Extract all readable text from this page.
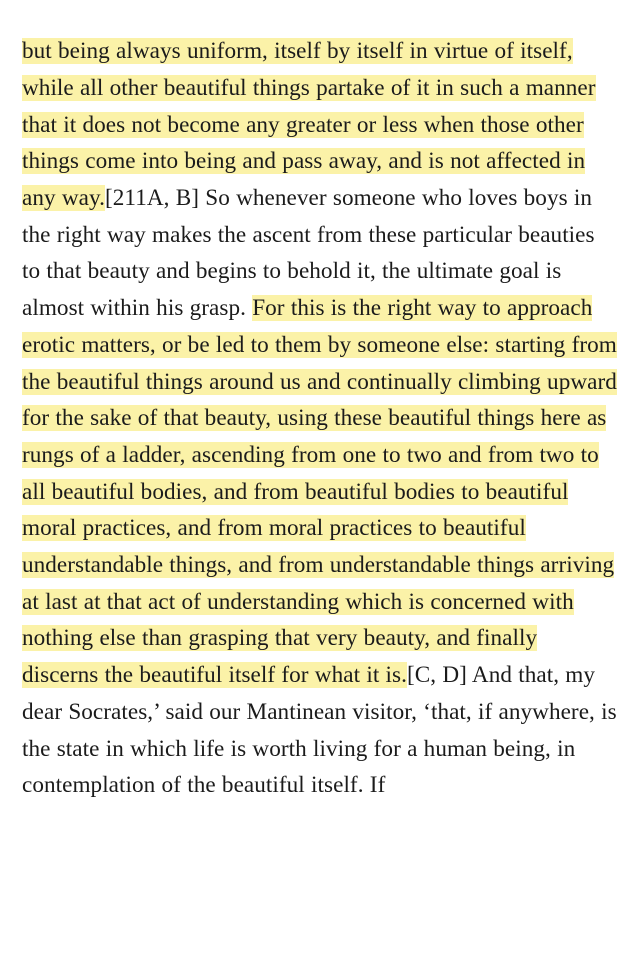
but being always uniform, itself by itself in virtue of itself, while all other beautiful things partake of it in such a manner that it does not become any greater or less when those other things come into being and pass away, and is not affected in any way.[211A, B] So whenever someone who loves boys in the right way makes the ascent from these particular beauties to that beauty and begins to behold it, the ultimate goal is almost within his grasp. For this is the right way to approach erotic matters, or be led to them by someone else: starting from the beautiful things around us and continually climbing upward for the sake of that beauty, using these beautiful things here as rungs of a ladder, ascending from one to two and from two to all beautiful bodies, and from beautiful bodies to beautiful moral practices, and from moral practices to beautiful understandable things, and from understandable things arriving at last at that act of understanding which is concerned with nothing else than grasping that very beauty, and finally discerns the beautiful itself for what it is.[C, D] And that, my dear Socrates,’ said our Mantinean visitor, ‘that, if anywhere, is the state in which life is worth living for a human being, in contemplation of the beautiful itself. If
